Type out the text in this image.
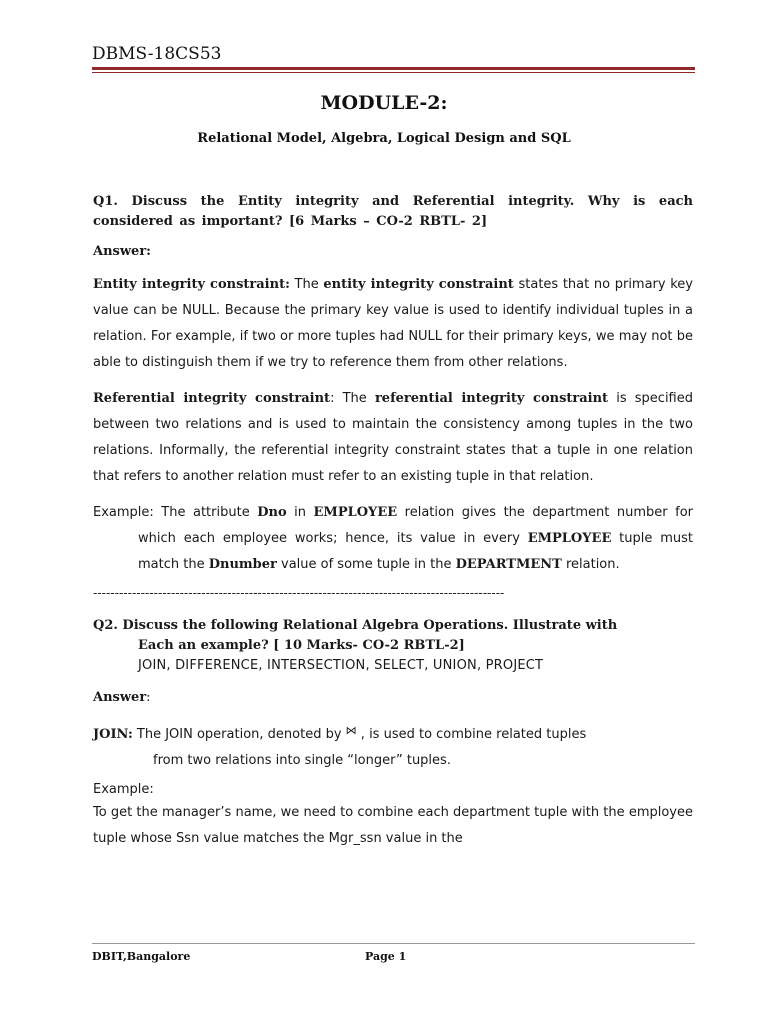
DBMS-18CS53
MODULE-2:
Relational Model, Algebra, Logical Design and SQL

Q1. Discuss the Entity integrity and Referential integrity. Why is each considered as important? [6 Marks – CO-2 RBTL- 2]

Answer:

Entity integrity constraint: The entity integrity constraint states that no primary key value can be NULL. Because the primary key value is used to identify individual tuples in a relation. For example, if two or more tuples had NULL for their primary keys, we may not be able to distinguish them if we try to reference them from other relations.

Referential integrity constraint: The referential integrity constraint is specified between two relations and is used to maintain the consistency among tuples in the two relations. Informally, the referential integrity constraint states that a tuple in one relation that refers to another relation must refer to an existing tuple in that relation.

Example: The attribute Dno in EMPLOYEE relation gives the department number for which each employee works; hence, its value in every EMPLOYEE tuple must match the Dnumber value of some tuple in the DEPARTMENT relation.

-----------------------------------------------------------------------------------------------

Q2. Discuss the following Relational Algebra Operations. Illustrate with

Each an example? [ 10 Marks- CO-2 RBTL-2]

JOIN, DIFFERENCE, INTERSECTION, SELECT, UNION, PROJECT

Answer:

JOIN: The JOIN operation, denoted by ⋈ , is used to combine related tuples
from two relations into single “longer” tuples.

Example:

To get the manager’s name, we need to combine each department tuple with the employee tuple whose Ssn value matches the Mgr_ssn value in the

DBIT,Bangalore	Page 1
